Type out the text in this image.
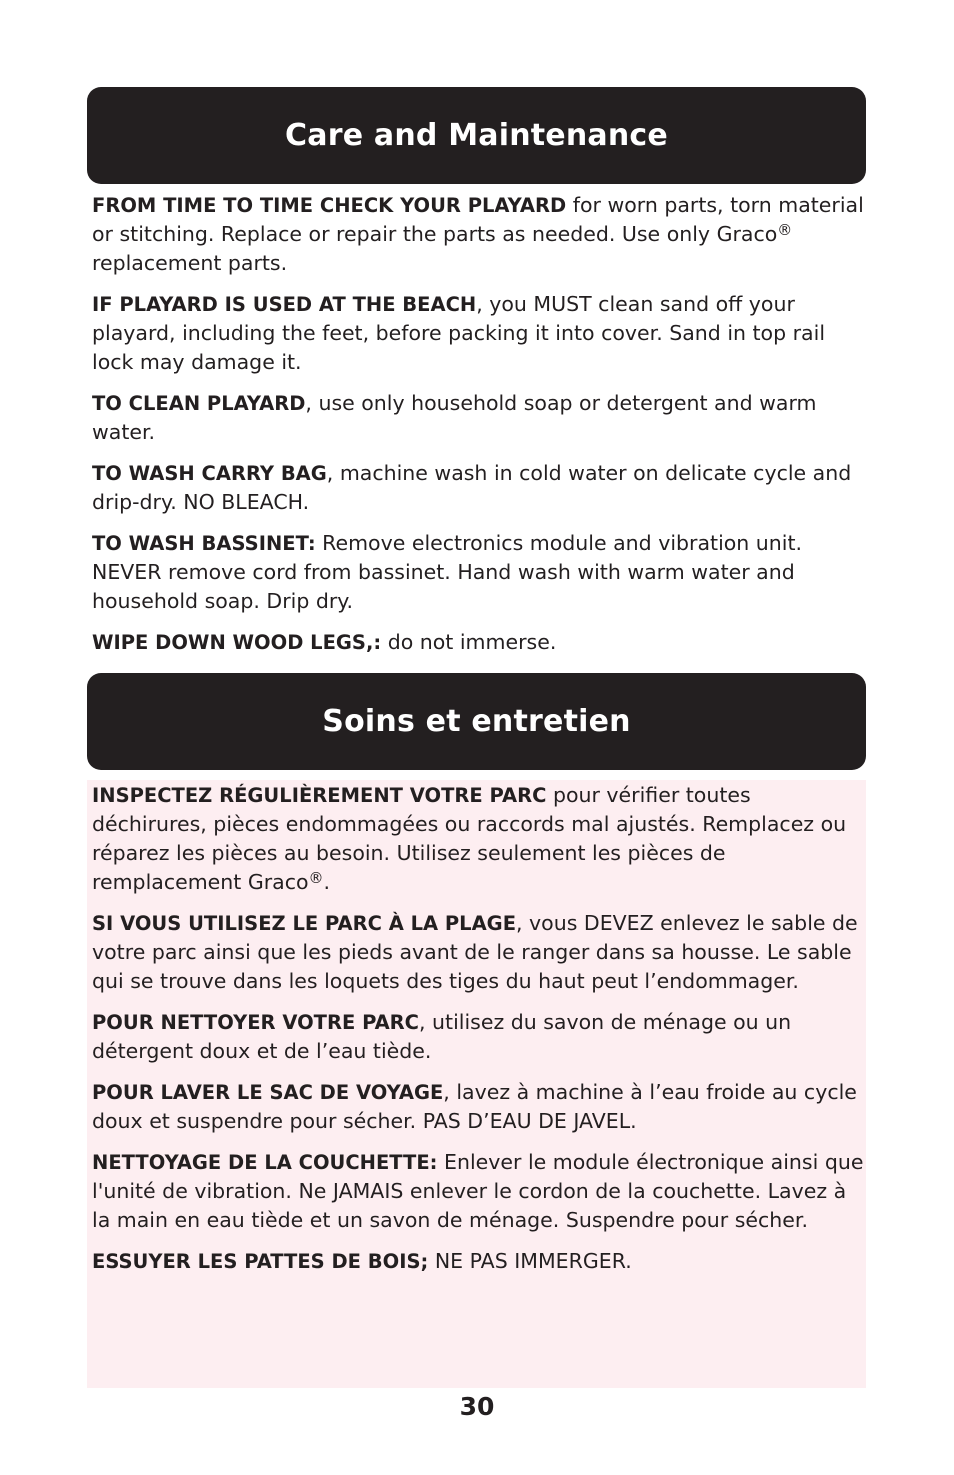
Care and Maintenance

FROM TIME TO TIME CHECK YOUR PLAYARD for worn parts, torn material or stitching. Replace or repair the parts as needed. Use only Graco® replacement parts.

IF PLAYARD IS USED AT THE BEACH, you MUST clean sand off your playard, including the feet, before packing it into cover. Sand in top rail lock may damage it.

TO CLEAN PLAYARD, use only household soap or detergent and warm water.

TO WASH CARRY BAG, machine wash in cold water on delicate cycle and drip-dry. NO BLEACH.

TO WASH BASSINET: Remove electronics module and vibration unit. NEVER remove cord from bassinet. Hand wash with warm water and household soap. Drip dry.

WIPE DOWN WOOD LEGS,: do not immerse.

Soins et entretien

INSPECTEZ RÉGULIÈREMENT VOTRE PARC pour vérifier toutes déchirures, pièces endommagées ou raccords mal ajustés. Remplacez ou réparez les pièces au besoin. Utilisez seulement les pièces de remplacement Graco®.

SI VOUS UTILISEZ LE PARC À LA PLAGE, vous DEVEZ enlevez le sable de votre parc ainsi que les pieds avant de le ranger dans sa housse. Le sable qui se trouve dans les loquets des tiges du haut peut l’endommager.

POUR NETTOYER VOTRE PARC, utilisez du savon de ménage ou un détergent doux et de l’eau tiède.

POUR LAVER LE SAC DE VOYAGE, lavez à machine à l’eau froide au cycle doux et suspendre pour sécher. PAS D’EAU DE JAVEL.

NETTOYAGE DE LA COUCHETTE: Enlever le module électronique ainsi que l'unité de vibration. Ne JAMAIS enlever le cordon de la couchette. Lavez à la main en eau tiède et un savon de ménage. Suspendre pour sécher.

ESSUYER LES PATTES DE BOIS; NE PAS IMMERGER.

30
